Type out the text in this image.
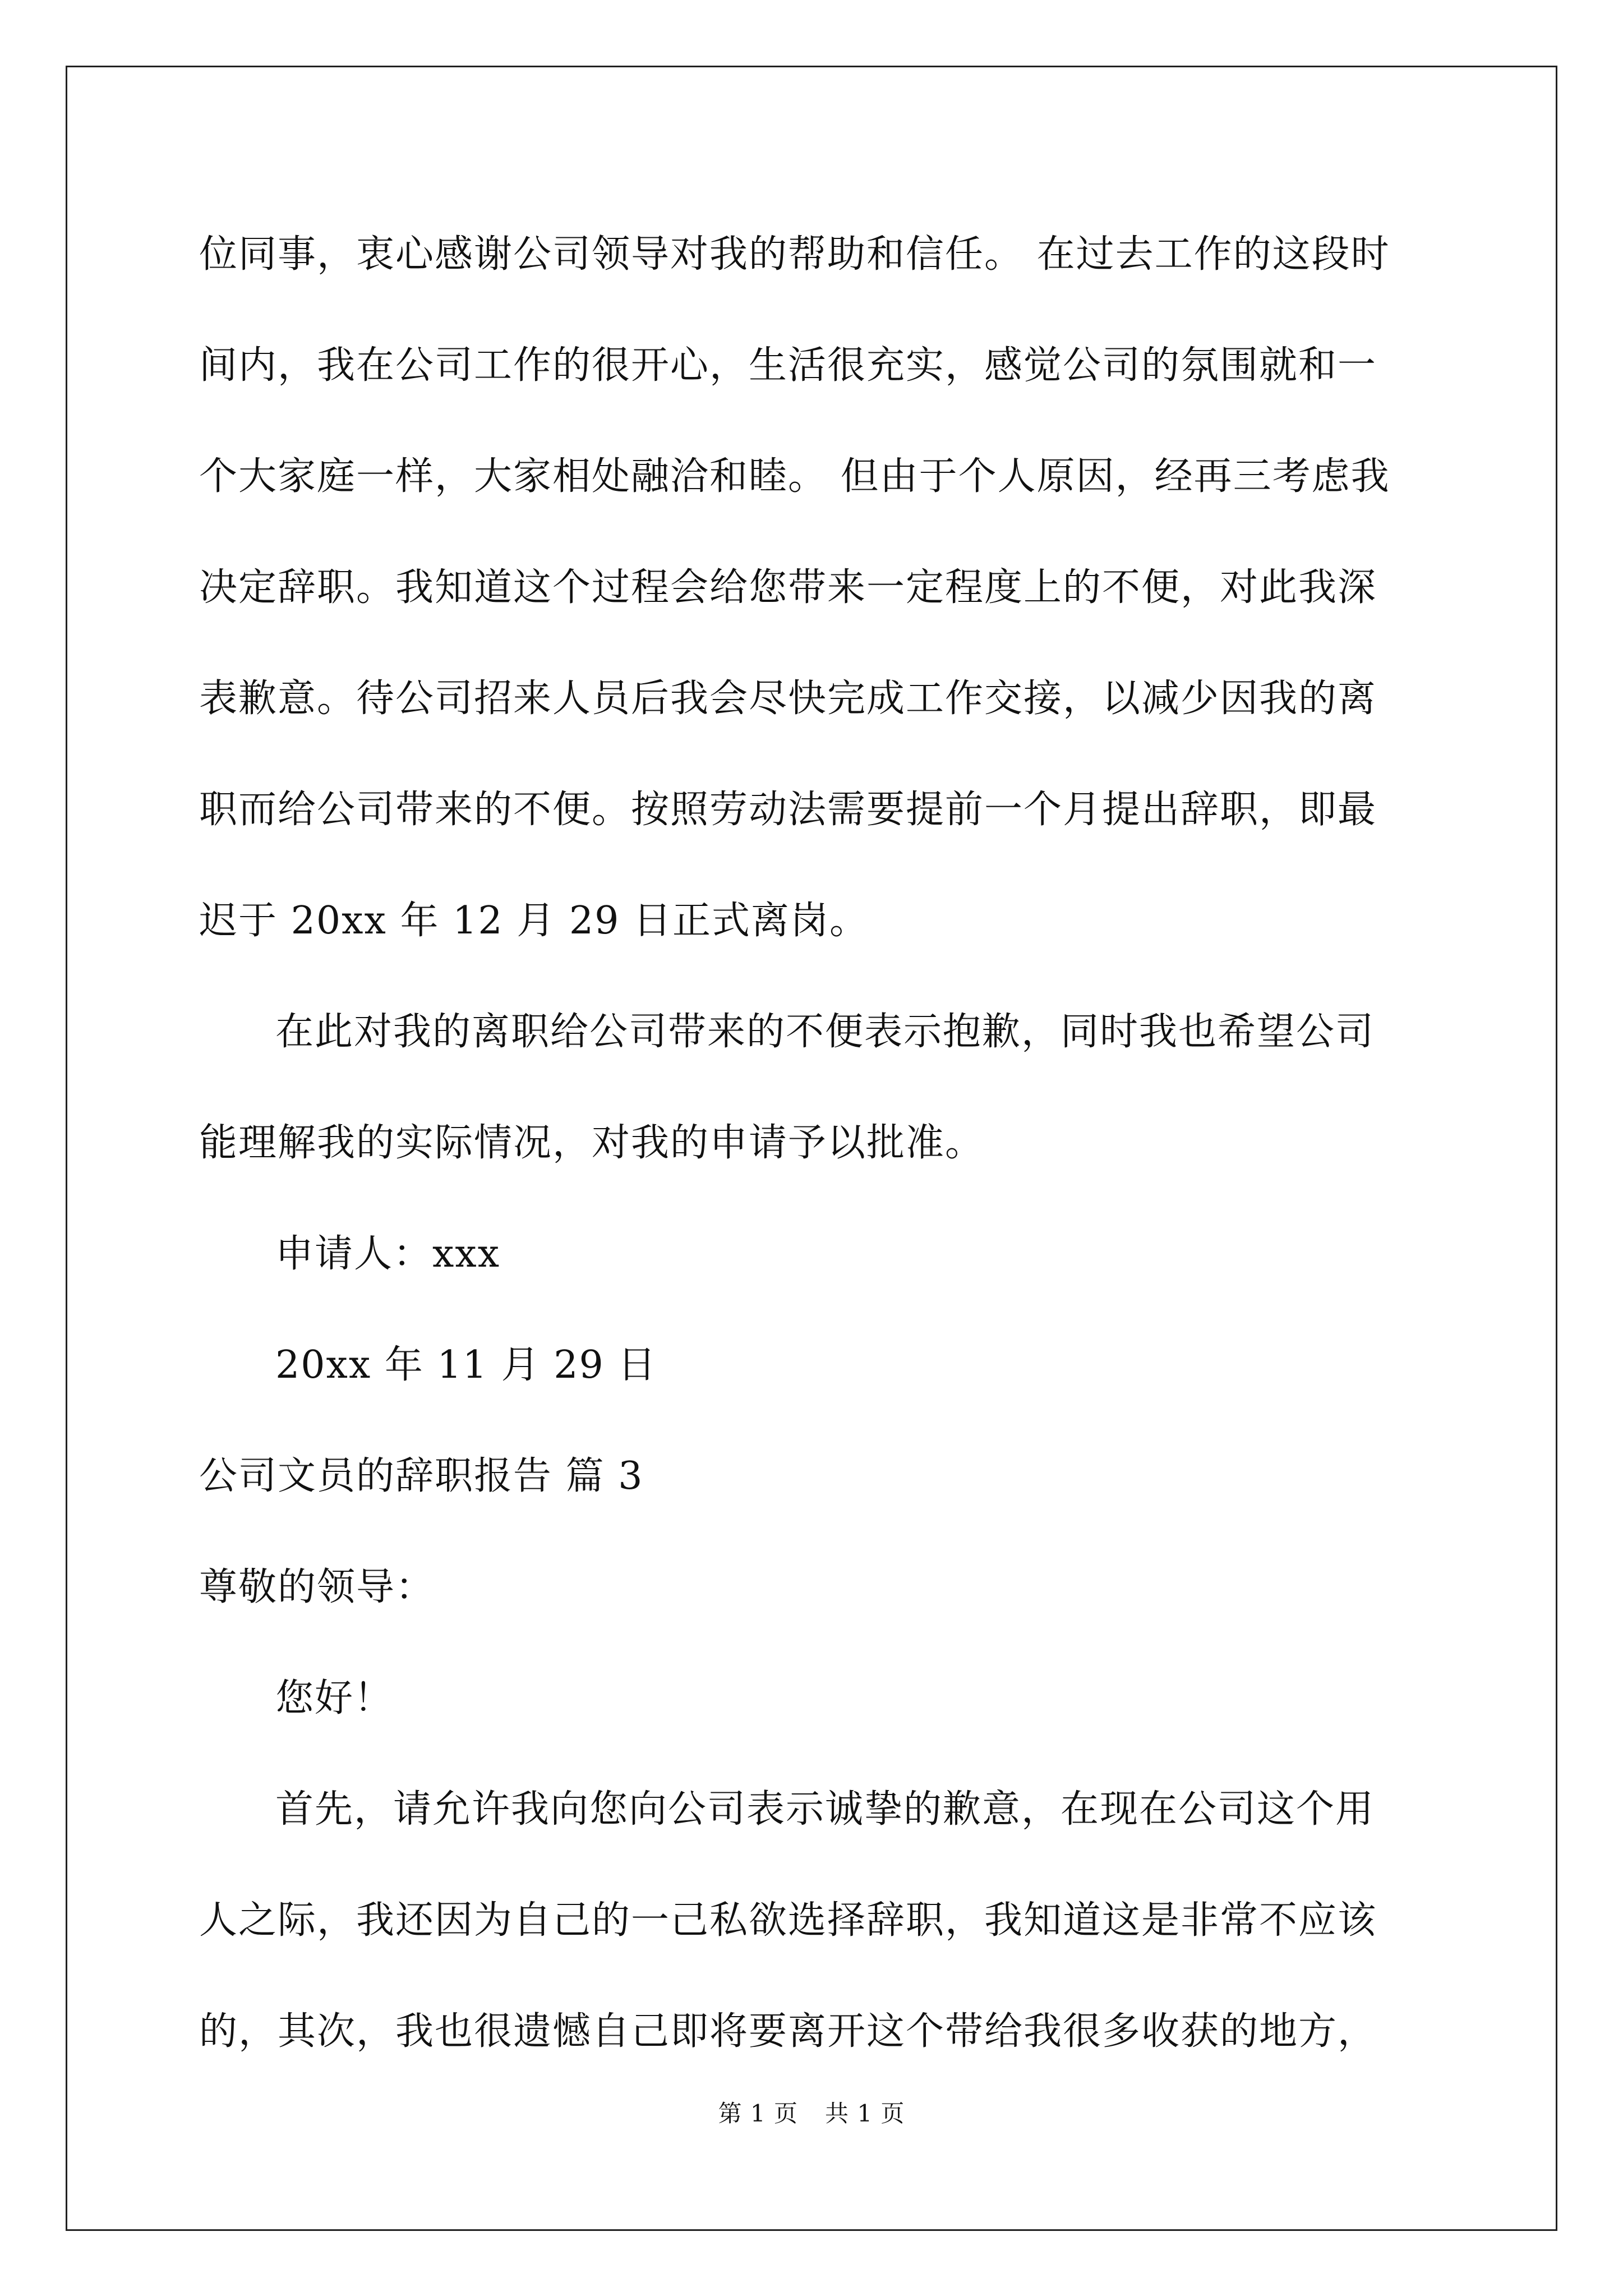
位同事，衷心感谢公司领导对我的帮助和信任。 在过去工作的这段时
间内，我在公司工作的很开心，生活很充实，感觉公司的氛围就和一
个大家庭一样，大家相处融洽和睦。 但由于个人原因，经再三考虑我
决定辞职。我知道这个过程会给您带来一定程度上的不便，对此我深
表歉意。待公司招来人员后我会尽快完成工作交接，以减少因我的离
职而给公司带来的不便。按照劳动法需要提前一个月提出辞职，即最
迟于 20xx 年 12 月 29 日正式离岗。
在此对我的离职给公司带来的不便表示抱歉，同时我也希望公司
能理解我的实际情况，对我的申请予以批准。
申请人：xxx
20xx 年 11 月 29 日
公司文员的辞职报告 篇 3
尊敬的领导：
您好！
首先，请允许我向您向公司表示诚挚的歉意，在现在公司这个用
人之际，我还因为自己的一己私欲选择辞职，我知道这是非常不应该
的，其次，我也很遗憾自己即将要离开这个带给我很多收获的地方，
第 1 页 共 1 页
